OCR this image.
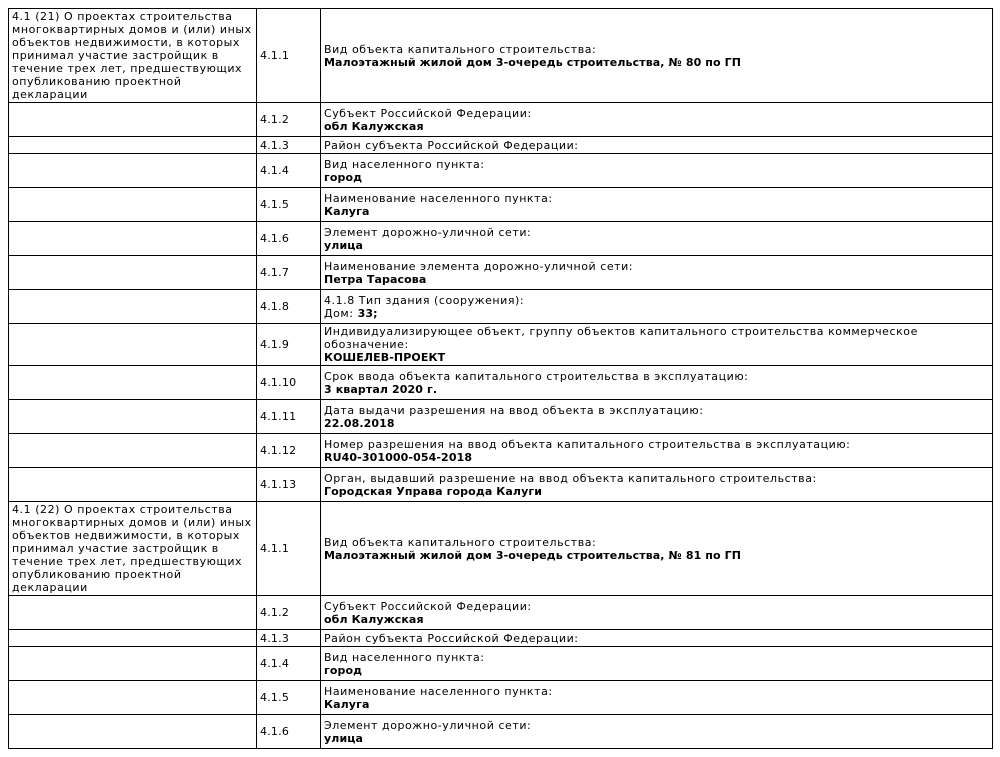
4.1 (21) О проектах строительства многоквартирных домов и (или) иных объектов недвижимости, в которых принимал участие застройщик в течение трех лет, предшествующих опубликованию проектной декларации	4.1.1	Вид объекта капитального строительства:
Малоэтажный жилой дом 3-очередь строительства, № 80 по ГП

	4.1.2	Субъект Российской Федерации:
обл Калужская

	4.1.3	Район субъекта Российской Федерации:

	4.1.4	Вид населенного пункта:
город

	4.1.5	Наименование населенного пункта:
Калуга

	4.1.6	Элемент дорожно-уличной сети:
улица

	4.1.7	Наименование элемента дорожно-уличной сети:
Петра Тарасова

	4.1.8	4.1.8 Тип здания (сооружения):
Дом: 33;

	4.1.9	Индивидуализирующее объект, группу объектов капитального строительства коммерческое обозначение:
КОШЕЛЕВ-ПРОЕКТ

	4.1.10	Срок ввода объекта капитального строительства в эксплуатацию:
3 квартал 2020 г.

	4.1.11	Дата выдачи разрешения на ввод объекта в эксплуатацию:
22.08.2018

	4.1.12	Номер разрешения на ввод объекта капитального строительства в эксплуатацию:
RU40-301000-054-2018

	4.1.13	Орган, выдавший разрешение на ввод объекта капитального строительства:
Городская Управа города Калуги

4.1 (22) О проектах строительства многоквартирных домов и (или) иных объектов недвижимости, в которых принимал участие застройщик в течение трех лет, предшествующих опубликованию проектной декларации	4.1.1	Вид объекта капитального строительства:
Малоэтажный жилой дом 3-очередь строительства, № 81 по ГП

	4.1.2	Субъект Российской Федерации:
обл Калужская

	4.1.3	Район субъекта Российской Федерации:

	4.1.4	Вид населенного пункта:
город

	4.1.5	Наименование населенного пункта:
Калуга

	4.1.6	Элемент дорожно-уличной сети:
улица
